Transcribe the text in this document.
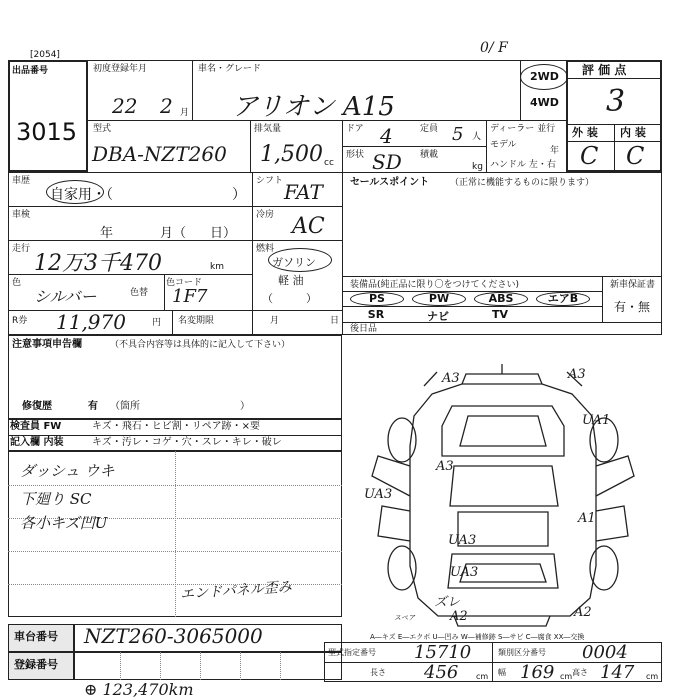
[2054]	0/ F
出品番号
3015
初度登録年月
22 2 月
車名・グレード
アリオン A15
2WD
4WD
評 価 点
3
外 装 内 装
C C
型式
DBA-NZT260
排気量
1,500 cc
ドア 4	定員 5 人
ディーラー 並行
モデル
年
ハンドル 左・右
形状 SD 積載
kg
車歴
自家用・（	）
シフト FAT
車検
年	月（ 日）
冷房 AC
走行
12万3千470	km
燃料
ガソリン
軽 油
（　　　）
色
シルバー	色替
色コード
1F7
R券 11,970	円 名変期限	月	日
セールスポイント （正常に機能するものに限ります）
装備品(純正品に限り〇をつけてください)	新車保証書
有・無
PS	PW	ABS	エアB
SR	ナビ	TV
後日品
注意事項申告欄	（不具合内容等は具体的に記入して下さい）
修復歴	有 （箇所	）
検査員 FW	キズ・飛石・ヒビ割・リペア跡・×要
記入欄 内装	キズ・汚レ・コゲ・穴・スレ・キレ・破レ
ダッシュ ウキ
下廻り SC
各小キズ凹U
エンドパネル歪み
A3	A3
UA1
A3
UA3
A1
UA3
UA3
ズレ
A2	A2
スペア
車台番号 NZT260-3065000
登録番号
⊕ 123,470km
A―キズ E―エクボ U―凹み W―補修跡 S―サビ C―腐食 XX―交換
型式指定番号 15710	類別区分番号 0004
長さ 456 cm 幅 169 cm 高さ 147 cm
